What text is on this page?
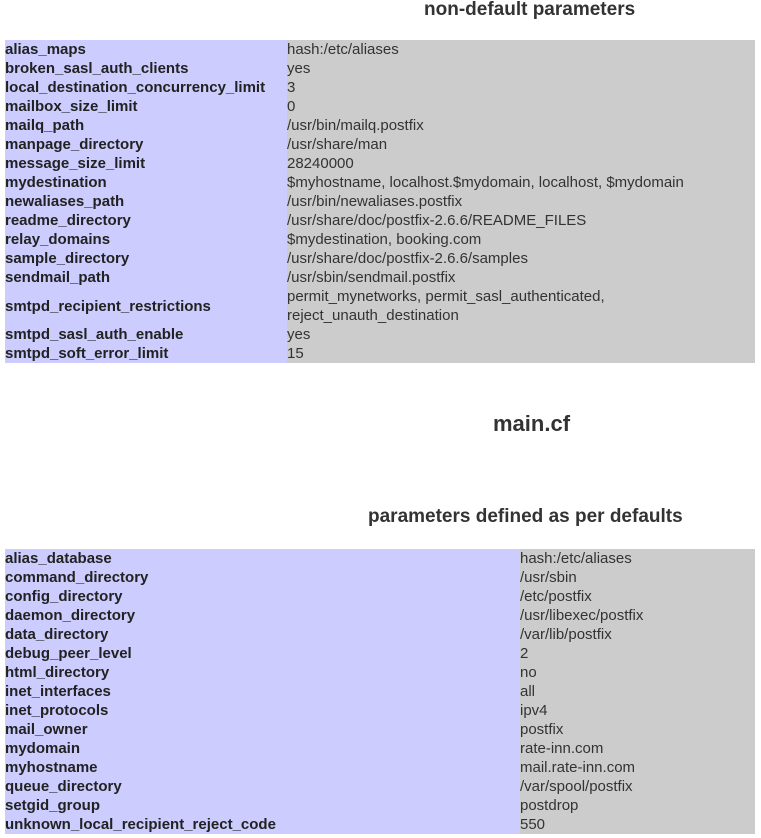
non-default parameters
alias_maps	hash:/etc/aliases
broken_sasl_auth_clients	yes
local_destination_concurrency_limit	3
mailbox_size_limit	0
mailq_path	/usr/bin/mailq.postfix
manpage_directory	/usr/share/man
message_size_limit	28240000
mydestination	$myhostname, localhost.$mydomain, localhost, $mydomain
newaliases_path	/usr/bin/newaliases.postfix
readme_directory	/usr/share/doc/postfix-2.6.6/README_FILES
relay_domains	$mydestination, booking.com
sample_directory	/usr/share/doc/postfix-2.6.6/samples
sendmail_path	/usr/sbin/sendmail.postfix
smtpd_recipient_restrictions	permit_mynetworks, permit_sasl_authenticated, reject_unauth_destination
smtpd_sasl_auth_enable	yes
smtpd_soft_error_limit	15
main.cf
parameters defined as per defaults
alias_database	hash:/etc/aliases
command_directory	/usr/sbin
config_directory	/etc/postfix
daemon_directory	/usr/libexec/postfix
data_directory	/var/lib/postfix
debug_peer_level	2
html_directory	no
inet_interfaces	all
inet_protocols	ipv4
mail_owner	postfix
mydomain	rate-inn.com
myhostname	mail.rate-inn.com
queue_directory	/var/spool/postfix
setgid_group	postdrop
unknown_local_recipient_reject_code	550
